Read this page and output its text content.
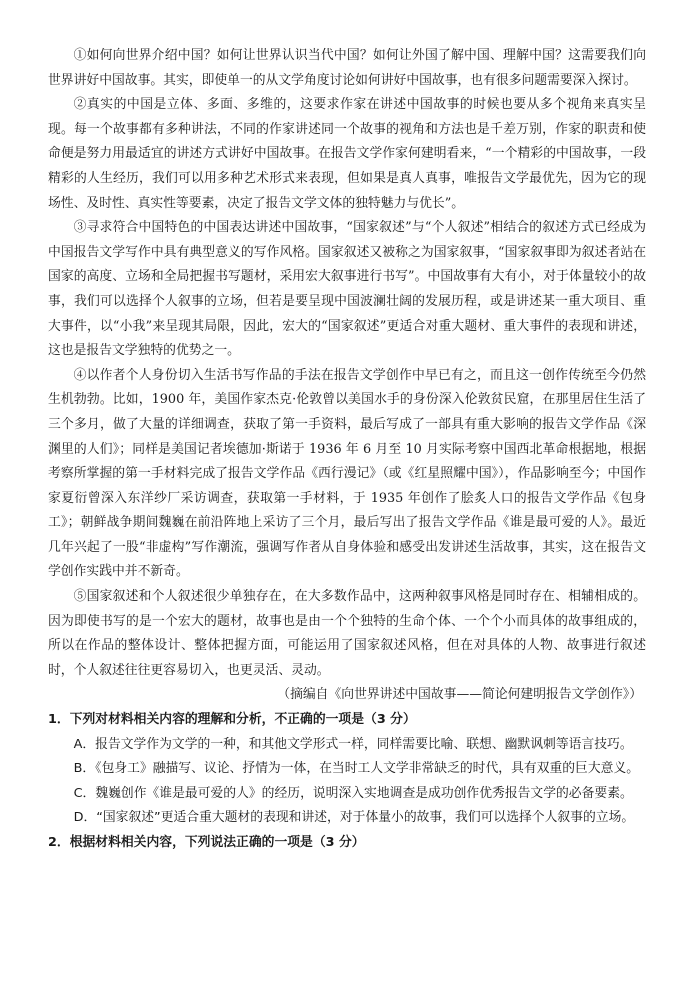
①如何向世界介绍中国？如何让世界认识当代中国？如何让外国了解中国、理解中国？这需要我们向世界讲好中国故事。其实，即使单一的从文学角度讨论如何讲好中国故事，也有很多问题需要深入探讨。

②真实的中国是立体、多面、多维的，这要求作家在讲述中国故事的时候也要从多个视角来真实呈现。每一个故事都有多种讲法，不同的作家讲述同一个故事的视角和方法也是千差万别，作家的职责和使命便是努力用最适宜的讲述方式讲好中国故事。在报告文学作家何建明看来，“一个精彩的中国故事，一段精彩的人生经历，我们可以用多种艺术形式来表现，但如果是真人真事，唯报告文学最优先，因为它的现场性、及时性、真实性等要素，决定了报告文学文体的独特魅力与优长”。

③寻求符合中国特色的中国表达讲述中国故事，“国家叙述”与“个人叙述”相结合的叙述方式已经成为中国报告文学写作中具有典型意义的写作风格。国家叙述又被称之为国家叙事，“国家叙事即为叙述者站在国家的高度、立场和全局把握书写题材，采用宏大叙事进行书写”。中国故事有大有小，对于体量较小的故事，我们可以选择个人叙事的立场，但若是要呈现中国波澜壮阔的发展历程，或是讲述某一重大项目、重大事件，以“小我”来呈现其局限，因此，宏大的“国家叙述”更适合对重大题材、重大事件的表现和讲述，这也是报告文学独特的优势之一。

④以作者个人身份切入生活书写作品的手法在报告文学创作中早已有之，而且这一创作传统至今仍然生机勃勃。比如，1900 年，美国作家杰克·伦敦曾以美国水手的身份深入伦敦贫民窟，在那里居住生活了三个多月，做了大量的详细调查，获取了第一手资料，最后写成了一部具有重大影响的报告文学作品《深渊里的人们》；同样是美国记者埃德加·斯诺于 1936 年 6 月至 10 月实际考察中国西北革命根据地，根据考察所掌握的第一手材料完成了报告文学作品《西行漫记》（或《红星照耀中国》），作品影响至今；中国作家夏衍曾深入东洋纱厂采访调查，获取第一手材料，于 1935 年创作了脍炙人口的报告文学作品《包身工》；朝鲜战争期间魏巍在前沿阵地上采访了三个月，最后写出了报告文学作品《谁是最可爱的人》。最近几年兴起了一股“非虚构”写作潮流，强调写作者从自身体验和感受出发讲述生活故事，其实，这在报告文学创作实践中并不新奇。

⑤国家叙述和个人叙述很少单独存在，在大多数作品中，这两种叙事风格是同时存在、相辅相成的。因为即使书写的是一个宏大的题材，故事也是由一个个独特的生命个体、一个个小而具体的故事组成的，所以在作品的整体设计、整体把握方面，可能运用了国家叙述风格，但在对具体的人物、故事进行叙述时，个人叙述往往更容易切入，也更灵活、灵动。

（摘编自《向世界讲述中国故事——简论何建明报告文学创作》）

1．下列对材料相关内容的理解和分析，不正确的一项是（3 分）

A．报告文学作为文学的一种，和其他文学形式一样，同样需要比喻、联想、幽默讽刺等语言技巧。

B．《包身工》融描写、议论、抒情为一体，在当时工人文学非常缺乏的时代，具有双重的巨大意义。

C．魏巍创作《谁是最可爱的人》的经历，说明深入实地调查是成功创作优秀报告文学的必备要素。

D．“国家叙述”更适合重大题材的表现和讲述，对于体量小的故事，我们可以选择个人叙事的立场。

2．根据材料相关内容，下列说法正确的一项是（3 分）
